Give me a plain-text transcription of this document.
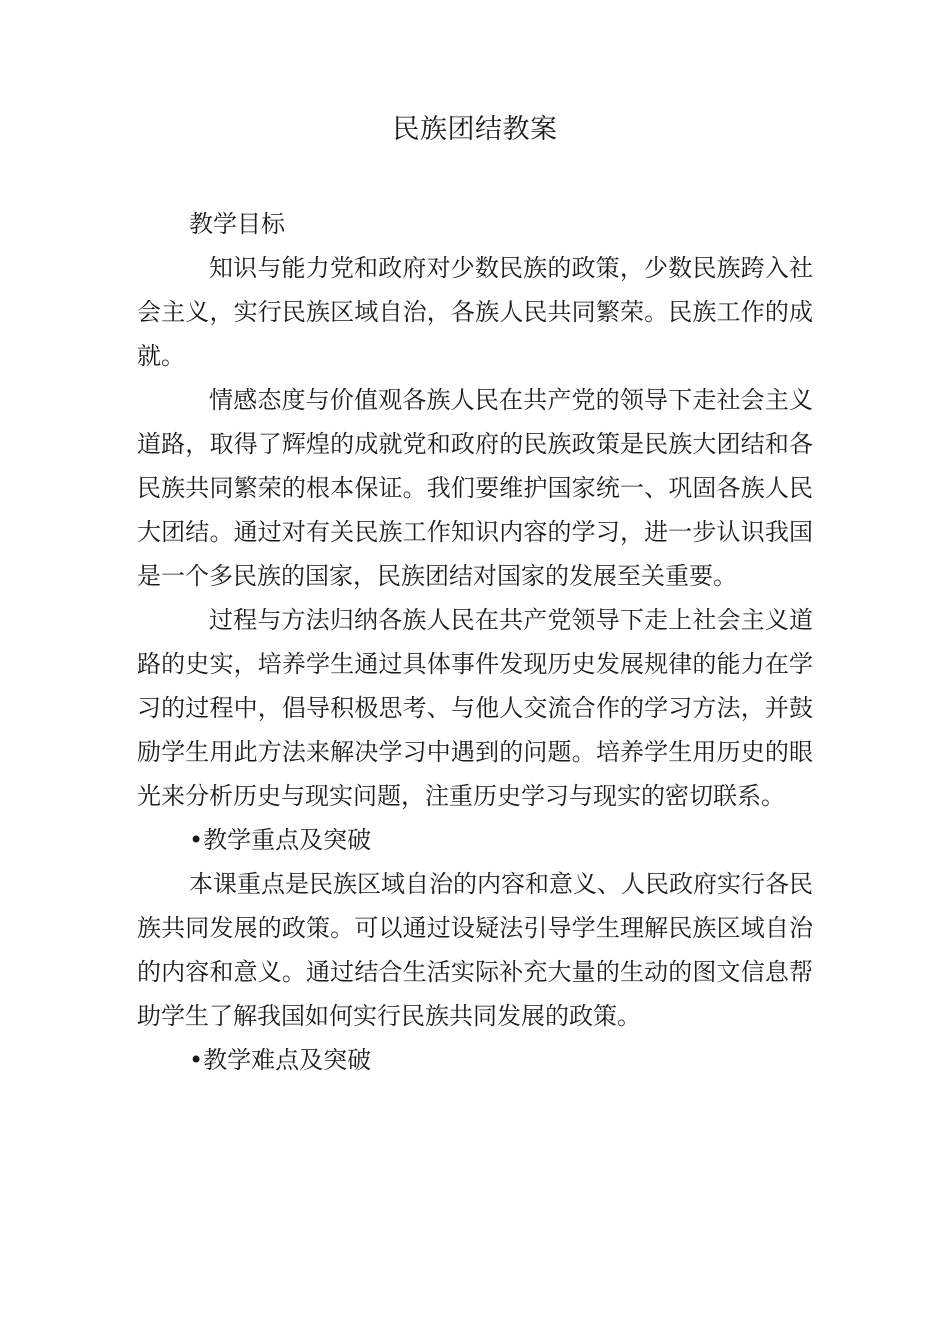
民族团结教案

教学目标

知识与能力党和政府对少数民族的政策，少数民族跨入社会主义，实行民族区域自治，各族人民共同繁荣。民族工作的成就。

情感态度与价值观各族人民在共产党的领导下走社会主义道路，取得了辉煌的成就党和政府的民族政策是民族大团结和各民族共同繁荣的根本保证。我们要维护国家统一、巩固各族人民大团结。通过对有关民族工作知识内容的学习，进一步认识我国是一个多民族的国家，民族团结对国家的发展至关重要。

过程与方法归纳各族人民在共产党领导下走上社会主义道路的史实，培养学生通过具体事件发现历史发展规律的能力在学习的过程中，倡导积极思考、与他人交流合作的学习方法，并鼓励学生用此方法来解决学习中遇到的问题。培养学生用历史的眼光来分析历史与现实问题，注重历史学习与现实的密切联系。

•教学重点及突破

本课重点是民族区域自治的内容和意义、人民政府实行各民族共同发展的政策。可以通过设疑法引导学生理解民族区域自治的内容和意义。通过结合生活实际补充大量的生动的图文信息帮助学生了解我国如何实行民族共同发展的政策。

•教学难点及突破
